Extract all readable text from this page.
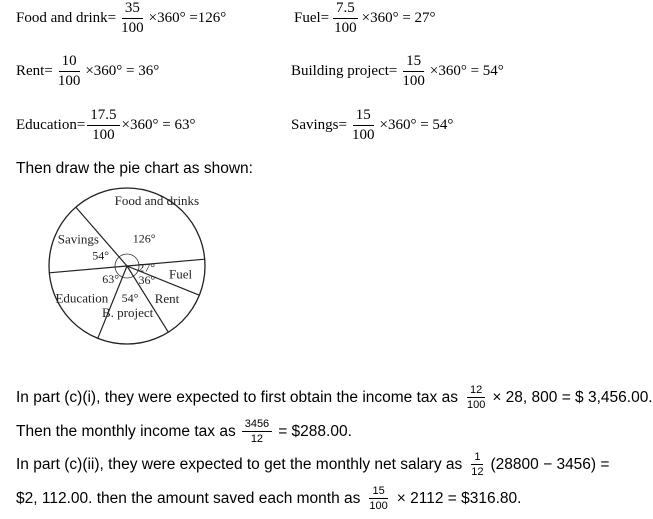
Food and drink = $\frac{35}{100} \times 360^\circ =126^\circ$	Fuel = $\frac{7.5}{100} \times 360^\circ = 27^\circ$
Rent = $\frac{10}{100} \times 360^\circ = 36^\circ$	Building project = $\frac{15}{100} \times 360^\circ = 54^\circ$
Education = $\frac{17.5}{100} \times 360^\circ = 63^\circ$	Savings = $\frac{15}{100} \times 360^\circ = 54^\circ$
Then draw the pie chart as shown:
Food and drinks
126°
Savings
54°
Education
63°
B. project
54° Rent
36° Fuel
27°
In part (c)(i), they were expected to first obtain the income tax as $\frac{12}{100} \times 28$, 800 = $ 3,456.00.
Then the monthly income tax as $\frac{3456}{12}$ = $288.00.
In part (c)(ii), they were expected to get the monthly net salary as $\frac{1}{12} (28800 - 3456)$ =
$2, 112.00. then the amount saved each month as $\frac{15}{100} \times 2112$ = $316.80.
